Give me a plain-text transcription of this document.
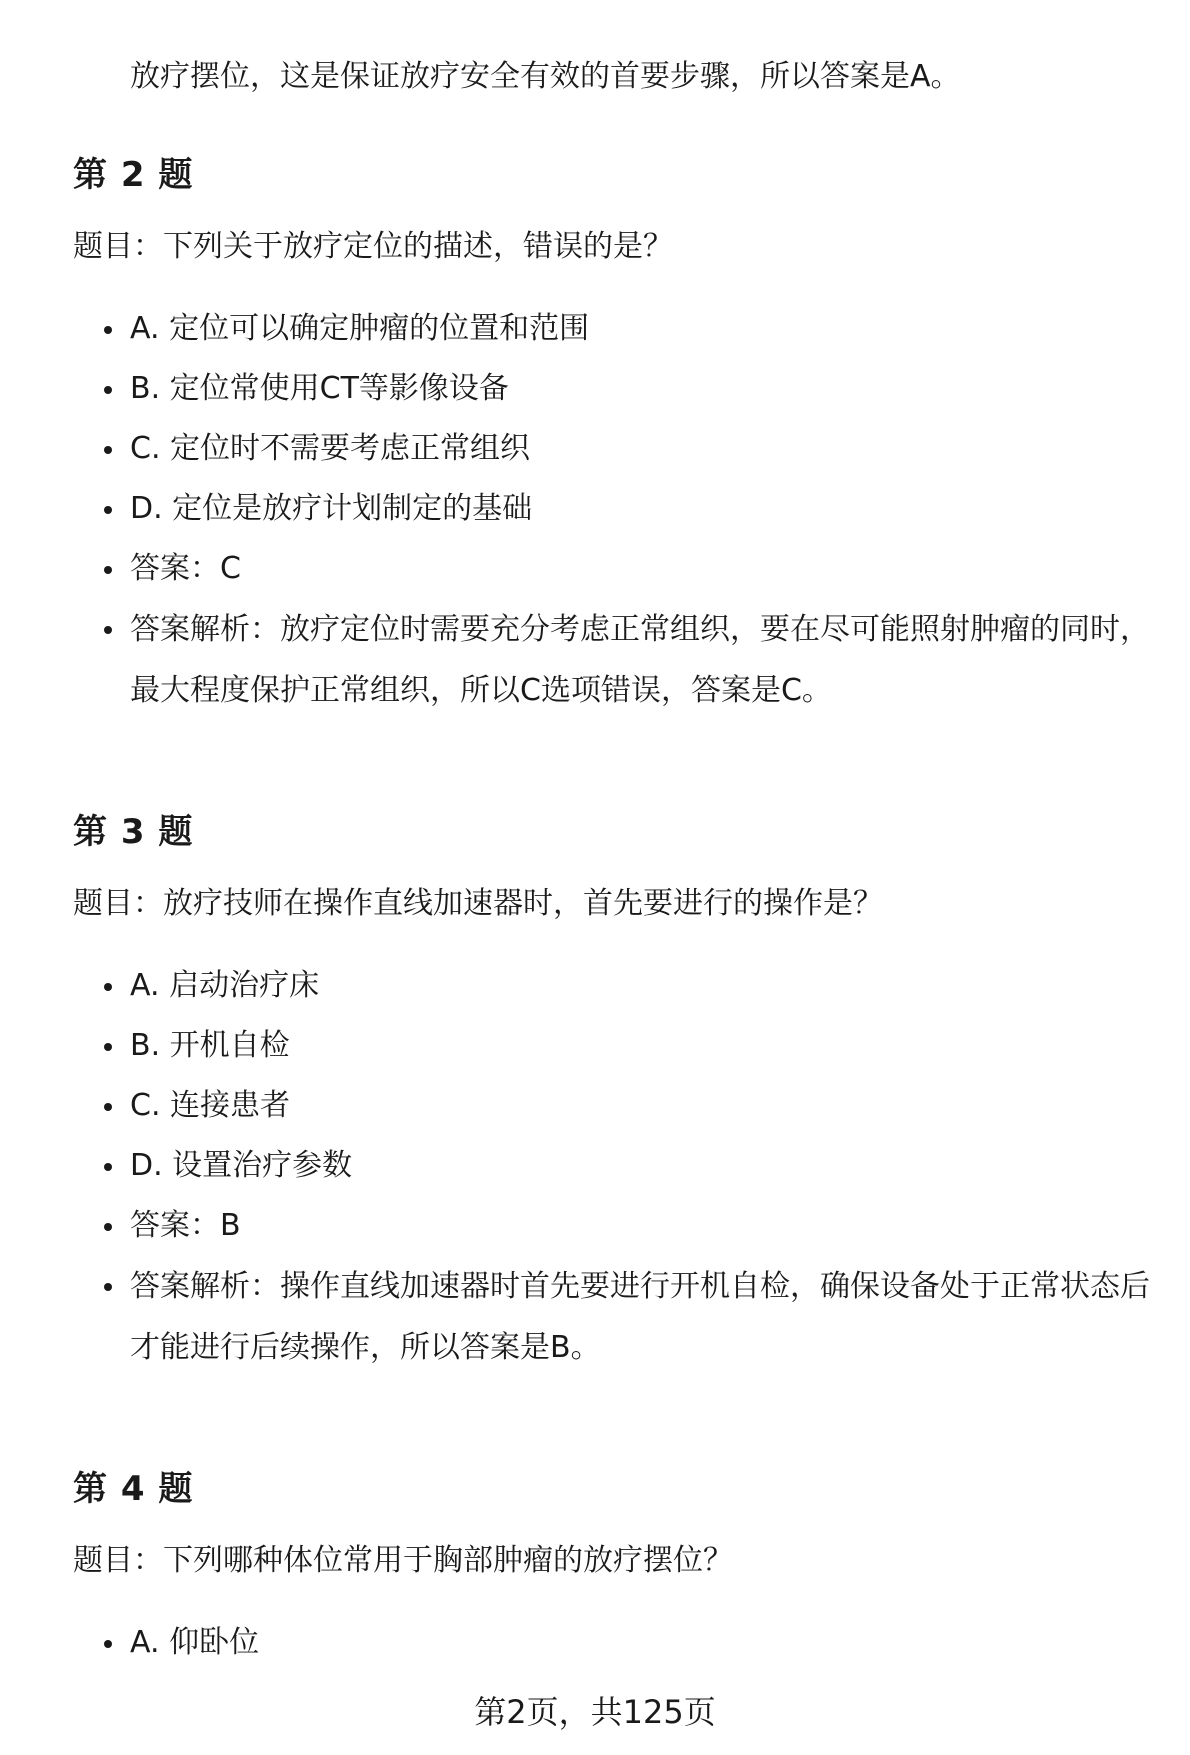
放疗摆位，这是保证放疗安全有效的首要步骤，所以答案是A。
第 2 题
题目：下列关于放疗定位的描述，错误的是？
A. 定位可以确定肿瘤的位置和范围
B. 定位常使用CT等影像设备
C. 定位时不需要考虑正常组织
D. 定位是放疗计划制定的基础
答案：C
答案解析：放疗定位时需要充分考虑正常组织，要在尽可能照射肿瘤的同时，最大程度保护正常组织，所以C选项错误，答案是C。
第 3 题
题目：放疗技师在操作直线加速器时，首先要进行的操作是？
A. 启动治疗床
B. 开机自检
C. 连接患者
D. 设置治疗参数
答案：B
答案解析：操作直线加速器时首先要进行开机自检，确保设备处于正常状态后才能进行后续操作，所以答案是B。
第 4 题
题目：下列哪种体位常用于胸部肿瘤的放疗摆位？
A. 仰卧位
第2页，共125页
